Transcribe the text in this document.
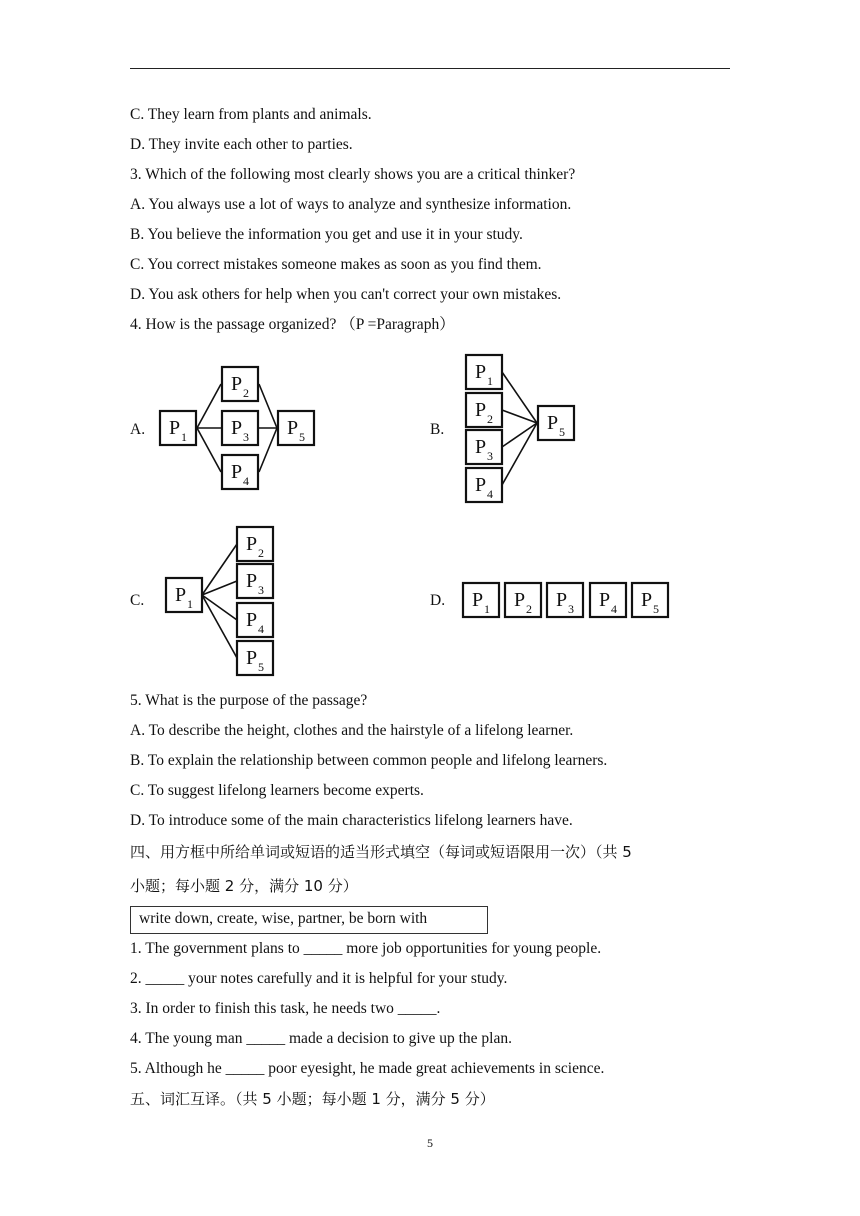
C. They learn from plants and animals.
D. They invite each other to parties.
3. Which of the following most clearly shows you are a critical thinker?
A. You always use a lot of ways to analyze and synthesize information.
B. You believe the information you get and use it in your study.
C. You correct mistakes someone makes as soon as you find them.
D. You ask others for help when you can't correct your own mistakes.
4. How is the passage organized? （P =Paragraph）
A. P 1
P 2
P 3
P 4
P 5	B.
P 1
P 2
P 3
P 4
P 5
C. P 1
P 2
P 3
P 4
P 5
D. P 1 P 2 P 3 P 4 P 5
5. What is the purpose of the passage?
A. To describe the height, clothes and the hairstyle of a lifelong learner.
B. To explain the relationship between common people and lifelong learners.
C. To suggest lifelong learners become experts.
D. To introduce some of the main characteristics lifelong learners have.
四、用方框中所给单词或短语的适当形式填空（每词或短语限用一次）（共 5
小题；每小题 2 分，满分 10 分）
write down, create, wise, partner, be born with
1. The government plans to _____ more job opportunities for young people.
2. _____ your notes carefully and it is helpful for your study.
3. In order to finish this task, he needs two _____.
4. The young man _____ made a decision to give up the plan.
5. Although he _____ poor eyesight, he made great achievements in science.
五、词汇互译。（共 5 小题；每小题 1 分，满分 5 分）
5
